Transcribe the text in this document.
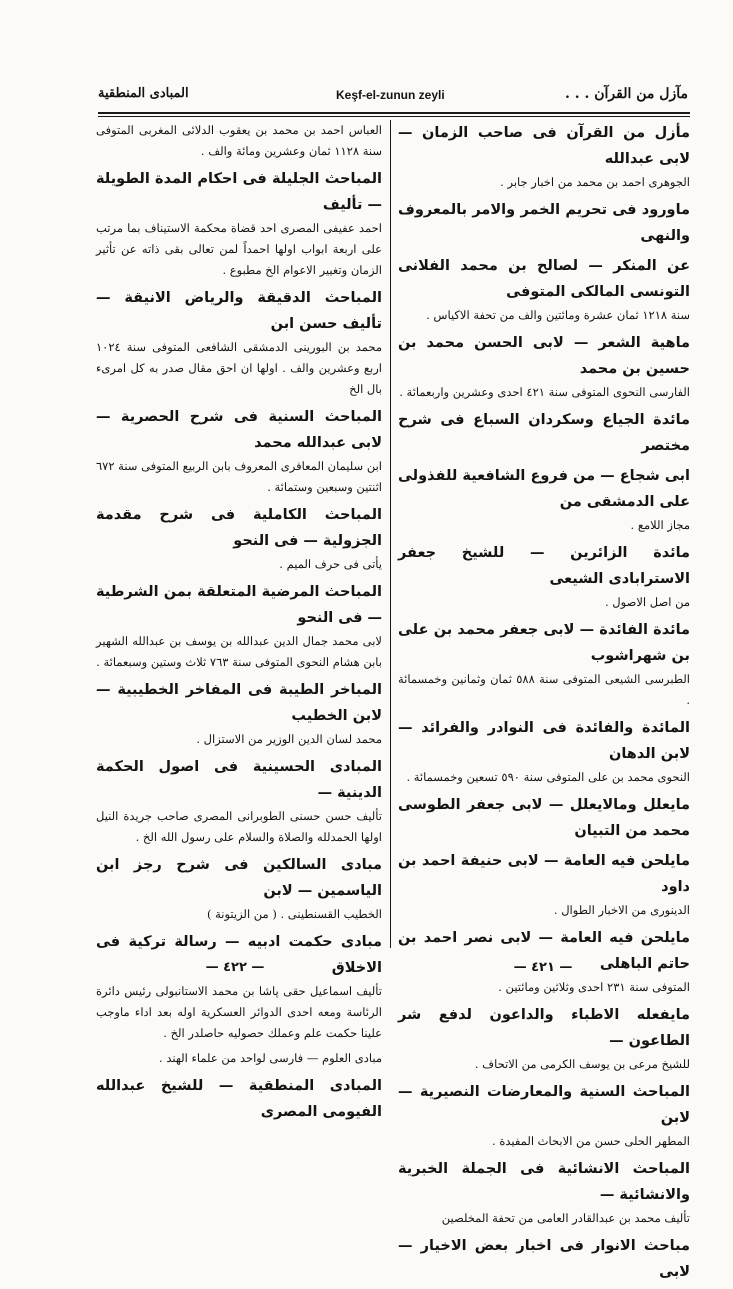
مآزل من القرآن . . .
Keşf-el-zunun zeyli
المبادى المنطقية

مأزل من القرآن فى صاحب الزمان — لابى عبدالله

الجوهرى احمد بن محمد من اخبار جابر .

ماورود فى تحريم الخمر والامر بالمعروف والنهى

عن المنكر — لصالح بن محمد الفلانى التونسى المالكى المتوفى

سنة ١٢١٨ ثمان عشرة ومائتين والف من تحفة الاكياس .

ماهية الشعر — لابى الحسن محمد بن حسين بن محمد

الفارسى النحوى المتوفى سنة ٤٢١ احدى وعشرين واربعمائة .

مائدة الجياع وسكردان السباع فى شرح مختصر

ابى شجاع — من فروع الشافعية للفذولى على الدمشقى من

مجاز اللامع .

مائدة الزائرين — للشيخ جعفر الاسترابادى الشيعى

من اصل الاصول .

مائدة الفائدة — لابى جعفر محمد بن على بن شهراشوب

الطبرسى الشيعى المتوفى سنة ٥٨٨ ثمان وثمانين وخمسمائة .

المائدة والفائدة فى النوادر والفرائد — لابن الدهان

النحوى محمد بن على المتوفى سنة ٥٩٠ تسعين وخمسمائة .

مايعلل ومالايعلل — لابى جعفر الطوسى محمد من التبيان

مايلحن فيه العامة — لابى حنيفة احمد بن داود

الدينورى من الاخبار الطوال .

مايلحن فيه العامة — لابى نصر احمد بن حاتم الباهلى

المتوفى سنة ٢٣١ احدى وثلاثين ومائتين .

مايفعله الاطباء والداعون لدفع شر الطاعون —

للشيخ مرعى بن يوسف الكرمى من الاتحاف .

المباحث السنية والمعارضات النصيرية — لابن

المطهر الحلى حسن من الابحاث المفيدة .

المباحث الانشائية فى الجملة الخبرية والانشائية —

تأليف محمد بن عبدالقادر العامى من تحفة المخلصين

مباحث الانوار فى اخبار بعض الاخيار — لابى

العباس احمد بن محمد بن يعقوب الدلائى المغربى المتوفى سنة ١١٢٨ ثمان وعشرين ومائة والف .

المباحث الجليلة فى احكام المدة الطويلة — تأليف

احمد عفيفى المصرى احد قضاة محكمة الاستيناف بما مرتب على اربعة ابواب اولها احمداً لمن تعالى بقى ذاته عن تأثير الزمان وتغيير الاعوام الخ مطبوع .

المباحث الدقيقة والرياض الانيقة — تأليف حسن ابن

محمد بن البورينى الدمشقى الشافعى المتوفى سنة ١٠٢٤ اربع وعشرين والف . اولها ان احق مقال صدر به كل امرىء بال الخ

المباحث السنية فى شرح الحصرية — لابى عبدالله محمد

ابن سليمان المعافرى المعروف بابن الربيع المتوفى سنة ٦٧٢ اثنتين وسبعين وستمائة .

المباحث الكاملية فى شرح مقدمة الجزولية — فى النحو

يأتى فى حرف الميم .

المباحث المرضية المتعلقة بمن الشرطية — فى النحو

لابى محمد جمال الدين عبدالله بن يوسف بن عبدالله الشهير بابن هشام النحوى المتوفى سنة ٧٦٣ ثلاث وستين وسبعمائة .

المباخر الطيبة فى المفاخر الخطيبية — لابن الخطيب

محمد لسان الدين الوزير من الاستزال .

المبادى الحسينية فى اصول الحكمة الدينية —

تأليف حسن حسنى الطوبرانى المصرى صاحب جريدة النيل اولها الحمدلله والصلاة والسلام على رسول الله الخ .

مبادى السالكين فى شرح رجز ابن الياسمين — لابن

الخطيب القسنطينى . ( من الزيتونة )

مبادى حكمت ادبيه — رسالة تركية فى الاخلاق

تأليف اسماعيل حقى پاشا بن محمد الاستانبولى رئيس دائرة الرئاسة ومعه احدى الدوائر العسكرية اوله بعد اداء ماوجب علينا حكمت علم وعملك حصوليه حاصلدر الخ .

مبادى العلوم — فارسى لواحد من علماء الهند .

المبادى المنطقية — للشيخ عبدالله الفيومى المصرى

— ٤٢١ —
— ٤٢٢ —
